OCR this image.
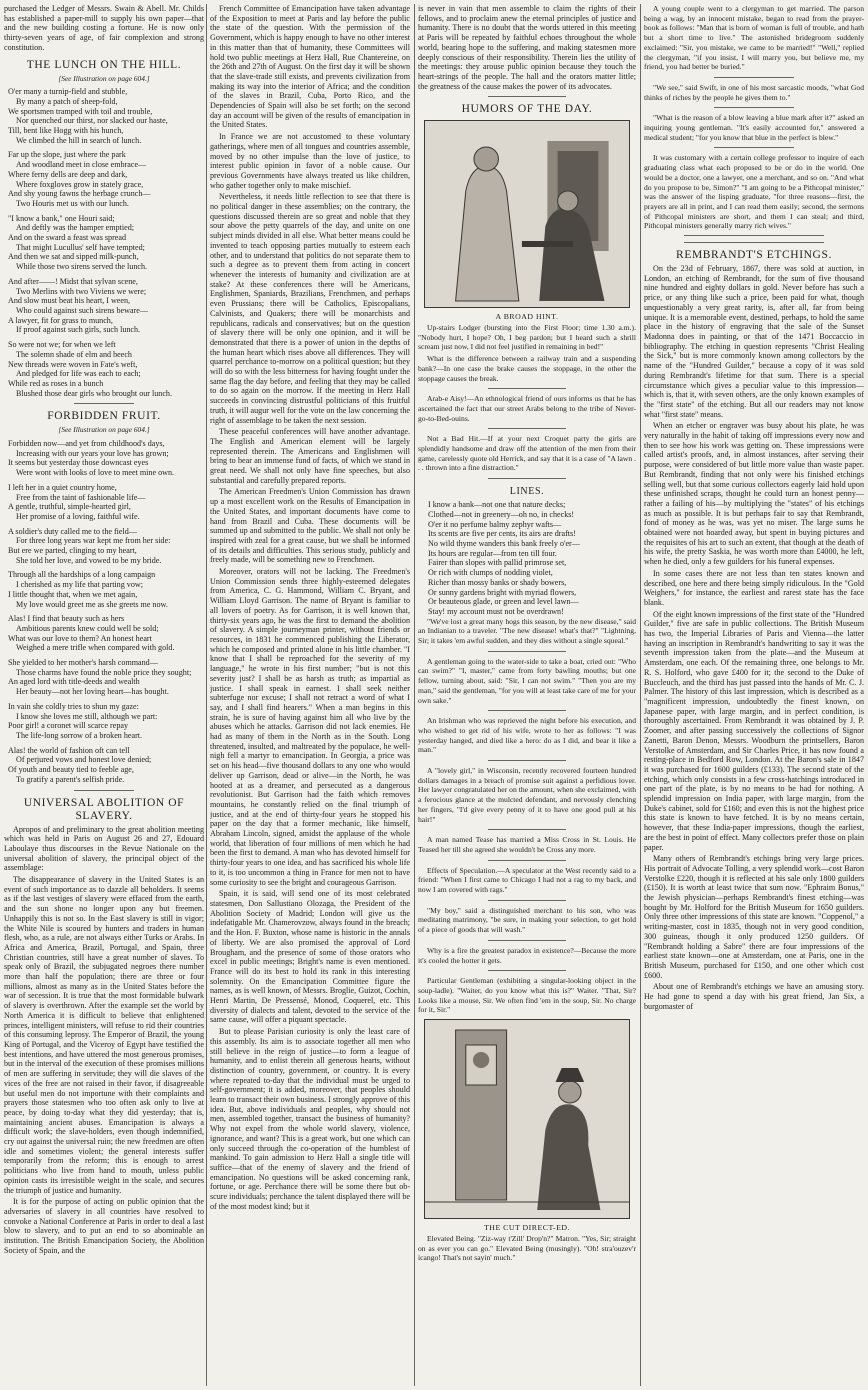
purchased the Ledger of Messrs. Swain & Abell. Mr. Childs has established a paper-mill to supply his own paper—that and the new building costing a fortune. He is now only thirty-seven years of age, of fair complexion and strong constitution.

THE LUNCH ON THE HILL.
[See Illustration on page 604.]
O'er many a turnip-field and stubble,
By many a patch of sheep-fold,
We sportsmen tramped with toil and trouble,
Nor quenched our thirst, nor slacked our haste,
Till, bent like Hogg with his hunch,
We climbed the hill in search of lunch.
Far up the slope, just where the park
And woodland meet in close embrace—
Where ferny dells are deep and dark,
Where foxgloves grow in stately grace,
And shy young fawns the herbage crunch—
Two Houris met us with our lunch.
"I know a bank," one Houri said;
And deftly was the hamper emptied;
And on the sward a feast was spread
That might Lucullus' self have tempted;
And then we sat and sipped milk-punch,
While those two sirens served the lunch.
And after——! Midst that sylvan scene,
Two Merlins with two Viviens we were;
And slow must beat his heart, I ween,
Who could against such sirens beware—
A lawyer, fit for grass to munch,
If proof against such girls, such lunch.
So were not we; for when we left
The solemn shade of elm and beech
New threads were woven in Fate's weft,
And pledged for life was each to each;
While red as roses in a bunch
Blushed those dear girls who brought our lunch.
FORBIDDEN FRUIT.
[See Illustration on page 604.]
Forbidden now—and yet from childhood's days,
Increasing with our years your love has grown;
It seems but yesterday those downcast eyes
Were wont with looks of love to meet mine own.
I left her in a quiet country home,
Free from the taint of fashionable life—
A gentle, truthful, simple-hearted girl,
Her promise of a loving, faithful wife.
A soldier's duty called me to the field—
For three long years war kept me from her side:
But ere we parted, clinging to my heart,
She told her love, and vowed to be my bride.
Through all the hardships of a long campaign
I cherished as my life that parting vow;
I little thought that, when we met again,
My love would greet me as she greets me now.
Alas! I find that beauty such as hers
Ambitious parents knew could well be sold;
What was our love to them? An honest heart
Weighed a mere trifle when compared with gold.
She yielded to her mother's harsh command—
Those charms have found the noble price they sought;
An aged lord with title-deeds and wealth
Her beauty—not her loving heart—has bought.
In vain she coldly tries to shun my gaze:
I know she loves me still, although we part:
Poor girl! a coronet will scarce repay
The life-long sorrow of a broken heart.
Alas! the world of fashion oft can tell
Of perjured vows and honest love denied;
Of youth and beauty tied to feeble age,
To gratify a parent's selfish pride.
UNIVERSAL ABOLITION OF SLAVERY.

Apropos of and preliminary to the great abolition meeting which was held in Paris on August 26 and 27, Edouard Laboulaye thus discourses in the Revue Nationale on the universal abolition of slavery, the principal object of the assemblage:

The disappearance of slavery in the United States is an event of such importance as to dazzle all beholders. It seems as if the last vestiges of slavery were effaced from the earth, and the sun shone no longer upon any but freemen. Unhappily this is not so. In the East slavery is still in vigor; the White Nile is scoured by hunters and traders in human flesh, who, as a rule, are not always either Turks or Arabs. In Africa and America, Brazil, Portugal, and Spain, three Christian countries, still have a great number of slaves. To speak only of Brazil, the subjugated negroes there number more than half the population; there are three or four millions, almost as many as in the United States before the war of secession. It is true that the most formidable bulwark of slavery is overthrown. After the example set the world by North America it is difficult to believe that enlightened princes, intelligent ministers, will refuse to rid their countries of this consuming leprosy. The Emperor of Brazil, the young King of Portugal, and the Viceroy of Egypt have testified the best intentions, and have uttered the most generous promises, but in the interval of the execution of these promises millions of men are suffering in servitude; they will die slaves of the vices of the free are not raised in their favor, if disagreeable but useful men do not importune with their complaints and prayers those statesmen who too often ask only to live at peace, by doing to-day what they did yesterday; that is, maintaining ancient abuses. Emancipation is always a difficult work; the slave-holders, even though indemnified, cry out against the universal ruin; the new freedmen are often idle and sometimes violent; the general interests suffer temporarily from the reform; this is enough to arrest politicians who live from hand to mouth, unless public opinion casts its irresistible weight in the scale, and secures the triumph of justice and humanity.

It is for the purpose of acting on public opinion that the adversaries of slavery in all countries have resolved to convoke a National Conference at Paris in order to deal a last blow to slavery, and to put an end to so abominable an institution. The British Emancipation Society, the Abolition Society of Spain, and the

French Committee of Emancipation have taken advantage of the Exposition to meet at Paris and lay before the public the state of the question. With the permission of the Government, which is happy enough to have no other interest in this matter than that of humanity, these Committees will hold two public meetings at Herz Hall, Rue Chantereine, on the 26th and 27th of August. On the first day it will be shown that the slave-trade still exists, and prevents civilization from making its way into the interior of Africa; and the condition of the slaves in Brazil, Cuba, Porto Rico, and the Dependencies of Spain will also be set forth; on the second day an account will be given of the results of emancipation in the United States.

In France we are not accustomed to these voluntary gatherings, where men of all tongues and countries assemble, moved by no other impulse than the love of justice, to interest public opinion in favor of a noble cause. Our previous Governments have always treated us like children, who gather together only to make mischief.

Nevertheless, it needs little reflection to see that there is no political danger in these assemblies; on the contrary, the questions discussed therein are so great and noble that they sour above the petty quarrels of the day, and unite on one subject minds divided in all else. What better means could be invented to teach opposing parties mutually to esteem each other, and to understand that politics do not separate them to such a degree as to prevent them from acting in concert whenever the interests of humanity and civilization are at stake? At these conferences there will be Americans, Englishmen, Spaniards, Brazilians, Frenchmen, and perhaps even Prussians; there will be Catholics, Episcopalians, Calvinists, and Quakers; there will be monarchists and republicans, radicals and conservatives; but on the question of slavery there will be only one opinion, and it will be demonstrated that there is a power of union in the depths of the human heart which rises above all differences. They will quarrel perchance to-morrow on a political question; but they will do so with the less bitterness for having fought under the same flag the day before, and feeling that they may be called to do so again on the morrow. If the meeting in Herz Hall succeeds in convincing distrustful politicians of this fruitful truth, it will augur well for the vote on the law concerning the right of assemblage to be taken the next session.

These peaceful conferences will have another advantage. The English and American element will be largely represented therein. The Americans and Englishmen will bring to bear an immense fund of facts, of which we stand in great need. We shall not only have fine speeches, but also substantial and carefully prepared reports.

The American Freedmen's Union Commission has drawn up a most excellent work on the Results of Emancipation in the United States, and important documents have come to hand from Brazil and Cuba. These documents will be summed up and submitted to the public. We shall not only be inspired with zeal for a great cause, but we shall be informed of its details and difficulties. This serious study, publicly and freely made, will be something new to Frenchmen.

Moreover, orators will not be lacking. The Freedmen's Union Commission sends three highly-esteemed delegates from America, C. G. Hammond, William C. Bryant, and William Lloyd Garrison. The name of Bryant is familiar to all lovers of poetry. As for Garrison, it is well known that, thirty-six years ago, he was the first to demand the abolition of slavery. A simple journeyman printer, without friends or resources, in 1831 he commenced publishing the Liberator, which he composed and printed alone in his little chamber. "I know that I shall be reproached for the severity of my language," he wrote in his first number; "but is not this severity just? I shall be as harsh as truth; as impartial as justice. I shall speak in earnest. I shall seek neither subterfuge nor excuse; I shall not retract a word of what I say, and I shall find hearers." When a man begins in this strain, he is sure of having against him all who live by the abuses which he attacks. Garrison did not lack enemies. He had as many of them in the North as in the South. Long threatened, insulted, and maltreated by the populace, he well-nigh fell a martyr to emancipation. In Georgia, a price was set on his head—five thousand dollars to any one who would deliver up Garrison, dead or alive—in the North, he was hooted at as a dreamer, and persecuted as a dangerous revolutionist. But Garrison had the faith which removes mountains, he constantly relied on the final triumph of justice, and at the end of thirty-four years he stopped his paper on the day that a former mechanic, like himself, Abraham Lincoln, signed, amidst the applause of the whole world, that liberation of four millions of men which he had been the first to demand. A man who has devoted himself for thirty-four years to one idea, and has sacrificed his whole life to it, is too uncommon a thing in France for men not to have some curiosity to see the bright and courageous Garrison.

Spain, it is said, will send one of its most celebrated statesmen, Don Sallustiano Olozaga, the President of the Abolition Society of Madrid; London will give us the indefatigable Mr. Chamerovzow, always found in the breach; and the Hon. F. Buxton, whose name is historic in the annals of liberty. We are also promised the approval of Lord Brougham, and the presence of some of those orators who excel in public meetings; Bright's name is even mentioned. France will do its best to hold its rank in this interesting solemnity. On the Emancipation Committee figure the names, as is well known, of Messrs. Broglie, Guizot, Cochin, Henri Martin, De Pressensé, Monod, Coquerel, etc. This diversity of dialects and talent, devoted to the service of the same cause, will offer a piquant spectacle.

But to please Parisian curiosity is only the least care of this assembly. Its aim is to associate together all men who still believe in the reign of justice—to form a league of humanity, and to enlist therein all generous hearts, without distinction of country, government, or country. It is every where repeated to-day that the individual must be urged to self-government; it is added, moreover, that peoples should learn to transact their own business. I strongly approve of this idea. But, above individuals and peoples, why should not men, assembled together, transact the business of humanity? Why not expel from the whole world slavery, violence, ignorance, and want? This is a great work, but one which can only succeed through the co-operation of the humblest of mankind. To gain admission to Herz Hall a single title will suffice—that of the enemy of slavery and the friend of emancipation. No questions will be asked concerning rank, fortune, or age. Perchance there will be some there but ob-scure individuals; perchance the talent displayed there will be of the most modest kind; but it

is never in vain that men assemble to claim the rights of their fellows, and to proclaim anew the eternal principles of justice and humanity. There is no doubt that the words uttered in this meeting at Paris will be repeated by faithful echoes throughout the whole world, bearing hope to the suffering, and making statesmen more deeply conscious of their responsibility. Therein lies the utility of the meetings: they arouse public opinion because they touch the heart-strings of the people. The hall and the orators matter little; the greatness of the cause makes the power of its advocates.

HUMORS OF THE DAY.
A BROAD HINT.

Up-stairs Lodger (bursting into the First Floor; time 1.30 a.m.). "Nobody hurt, I hope? Oh, I beg pardon; but I heard such a shrill scream just now, I did not feel justified in remaining in bed!"

What is the difference between a railway train and a suspending bank?—In one case the brake causes the stoppage, in the other the stoppage causes the break.

Arab-e Aisy!—An ethnological friend of ours informs us that he has ascertained the fact that our street Arabs belong to the tribe of Never-go-to-Bed-ouins.

Not a Bad Hit.—If at your next Croquet party the girls are splendidly handsome and draw off the attention of the men from their game, carelessly quote old Herrick, and say that it is a case of "A lawn . . . thrown into a fine distraction."

LINES.
I know a bank—not one that nature decks;
Clothed—not in greenery—oh no, in checks!
O'er it no perfume balmy zephyr wafts—
Its scents are five per cents, its airs are drafts!
No wild thyme wanders this bank freely o'er—
Its hours are regular—from ten till four.
Fairer than slopes with pallid primrose set,
Or rich with clumps of nodding violet,
Richer than mossy banks or shady bowers,
Or sunny gardens bright with myriad flowers,
Or beauteous glade, or green and level lawn—
Stay! my account must not be overdrawn!

"We've lost a great many hogs this season, by the new disease," said an Indianian to a traveler. "The new disease! what's that?" "Lightning, Sir; it takes 'em awful sudden, and they dies without a single squeal."

A gentleman going to the water-side to take a boat, cried out: "Who can swim?" "I, master," came from forty bawling mouths; but one fellow, turning about, said: "Sir, I can not swim." "Then you are my man," said the gentleman, "for you will at least take care of me for your own sake."

An Irishman who was reprieved the night before his execution, and who wished to get rid of his wife, wrote to her as follows: "I was yesterday hanged, and died like a hero: do as I did, and bear it like a man."

A "lovely girl," in Wisconsin, recently recovered fourteen hundred dollars damages in a breach of promise suit against a perfidious lover. Her lawyer congratulated her on the amount, when she exclaimed, with a ferocious glance at the mulcted defendant, and nervously clenching her fingers, "I'd give every penny of it to have one good pull at his hair!"

A man named Tease has married a Miss Cross in St. Louis. He Teased her till she agreed she wouldn't be Cross any more.

Effects of Speculation.—A speculator at the West recently said to a friend: "When I first came to Chicago I had not a rag to my back, and now I am covered with rags."

"My boy," said a distinguished merchant to his son, who was meditating matrimony, "be sure, in making your selection, to get hold of a piece of goods that will wash."

Why is a fire the greatest paradox in existence?—Because the more it's cooled the hotter it gets.

Particular Gentleman (exhibiting a singular-looking object in the soup-ladle). "Waiter, do you know what this is?" Waiter. "That, Sir? Looks like a mouse, Sir. We often find 'em in the soup, Sir. No charge for it, Sir."

THE CUT DIRECT-ED.

Elevated Being. "Ziz-way t'Zill' Drop'n?" Matron. "Yes, Sir; straight on as ever you can go." Elevated Being (musingly). "Oh! stra'ouzev'r icango! That's not sayin' much."

A young couple went to a clergyman to get married. The parson being a wag, by an innocent mistake, began to read from the prayer-book as follows: "Man that is born of woman is full of trouble, and hath but a short time to live." The astonished bridegroom suddenly exclaimed: "Sir, you mistake, we came to be married!" "Well," replied the clergyman, "if you insist, I will marry you, but believe me, my friend, you had better be buried."

"We see," said Swift, in one of his most sarcastic moods, "what God thinks of riches by the people he gives them to."

"What is the reason of a blow leaving a blue mark after it?" asked an inquiring young gentleman. "It's easily accounted for," answered a medical student; "for you know that blue in the perfect is blew."

It was customary with a certain college professor to inquire of each graduating class what each proposed to be or do in the world. One would be a doctor, one a lawyer, one a merchant, and so on. "And what do you propose to be, Simon?" "I am going to be a Pithcopal minister," was the answer of the lisping graduate, "for three reasons—first, the prayers are all in print, and I can read them easily; second, the sermons of Pithcopal ministers are short, and them I can steal; and third, Pithcopal ministers generally marry rich wives."

REMBRANDT'S ETCHINGS.

On the 23d of February, 1867, there was sold at auction, in London, an etching of Rembrandt, for the sum of five thousand nine hundred and eighty dollars in gold. Never before has such a price, or any thing like such a price, been paid for what, though unquestionably a very great rarity, is, after all, far from being unique. It is a memorable event, destined, perhaps, to hold the same place in the history of engraving that the sale of the Sunset Madonna does in painting, or that of the 1471 Boccaccio in bibliography. The etching in question represents "Christ Healing the Sick," but is more commonly known among collectors by the name of the "Hundred Guilder," because a copy of it was sold during Rembrandt's lifetime for that sum. There is a special circumstance which gives a peculiar value to this impression—which is, that it, with seven others, are the only known examples of the "first state" of the etching. But all our readers may not know what "first state" means.

When an etcher or engraver was busy about his plate, he was very naturally in the habit of taking off impressions every now and then to see how his work was getting on. These impressions were called artist's proofs, and, in almost instances, after serving their purpose, were considered of but little more value than waste paper. But Rembrandt, finding that not only were his finished etchings selling well, but that some curious collectors eagerly laid hold upon these unfinished scraps, thought he could turn an honest penny—rather a failing of his—by multiplying the "states" of his etchings as much as possible. It is but perhaps fair to say that Rembrandt, fond of money as he was, was yet no miser. The large sums he obtained were not hoarded away, but spent in buying pictures and the requisites of his art to such an extent, that though at the death of his wife, the pretty Saskia, he was worth more than £4000, he left, when he died, only a few guilders for his funeral expenses.

In some cases there are not less than ten states known and described, one here and there being simply ridiculous. In the "Gold Weighers," for instance, the earliest and rarest state has the face blank.

Of the eight known impressions of the first state of the "Hundred Guilder," five are safe in public collections. The British Museum has two, the Imperial Libraries of Paris and Vienna—the latter having an inscription in Rembrandt's handwriting to say it was the seventh impression taken from the plate—and the Museum at Amsterdam, one each. Of the remaining three, one belongs to Mr. R. S. Holford, who gave £400 for it; the second to the Duke of Buccleuch, and the third has just passed into the hands of Mr. C. J. Palmer. The history of this last impression, which is described as a "magnificent impression, undoubtedly the finest known, on Japanese paper, with large margin, and in perfect condition, is thoroughly ascertained. From Rembrandt it was obtained by J. P. Zoomer, and after passing successively the collections of Signor Zanetti, Baron Denon, Messrs. Woodburn the printsellers, Baron Verstolke of Amsterdam, and Sir Charles Price, it has now found a resting-place in Bedford Row, London. At the Baron's sale in 1847 it was purchased for 1600 guilders (£133). The second state of the etching, which only consists in a few cross-hatchings introduced in one part of the plate, is by no means to be had for nothing. A splendid impression on India paper, with large margin, from the Duke's cabinet, sold for £160; and even this is not the highest price this state is known to have fetched. It is by no means certain, however, that these India-paper impressions, though the earliest, are the best in point of effect. Many collectors prefer those on plain paper.

Many others of Rembrandt's etchings bring very large prices. His portrait of Advocate Tolling, a very splendid work—cost Baron Verstolke £220, though it is reflected at his sale only 1800 guilders (£150). It is worth at least twice that sum now. "Ephraim Bonus," the Jewish physician—perhaps Rembrandt's finest etching—was bought by Mr. Holford for the British Museum for 1650 guilders. Only three other impressions of this state are known. "Coppenol," a writing-master, cost in 1835, though not in very good condition, 300 guineas, though it only produced 1250 guilders. Of "Rembrandt holding a Sabre" there are four impressions of the earliest state known—one at Amsterdam, one at Paris, one in the British Museum, purchased for £150, and one other which cost £600.

About one of Rembrandt's etchings we have an amusing story. He had gone to spend a day with his great friend, Jan Six, a burgomaster of
